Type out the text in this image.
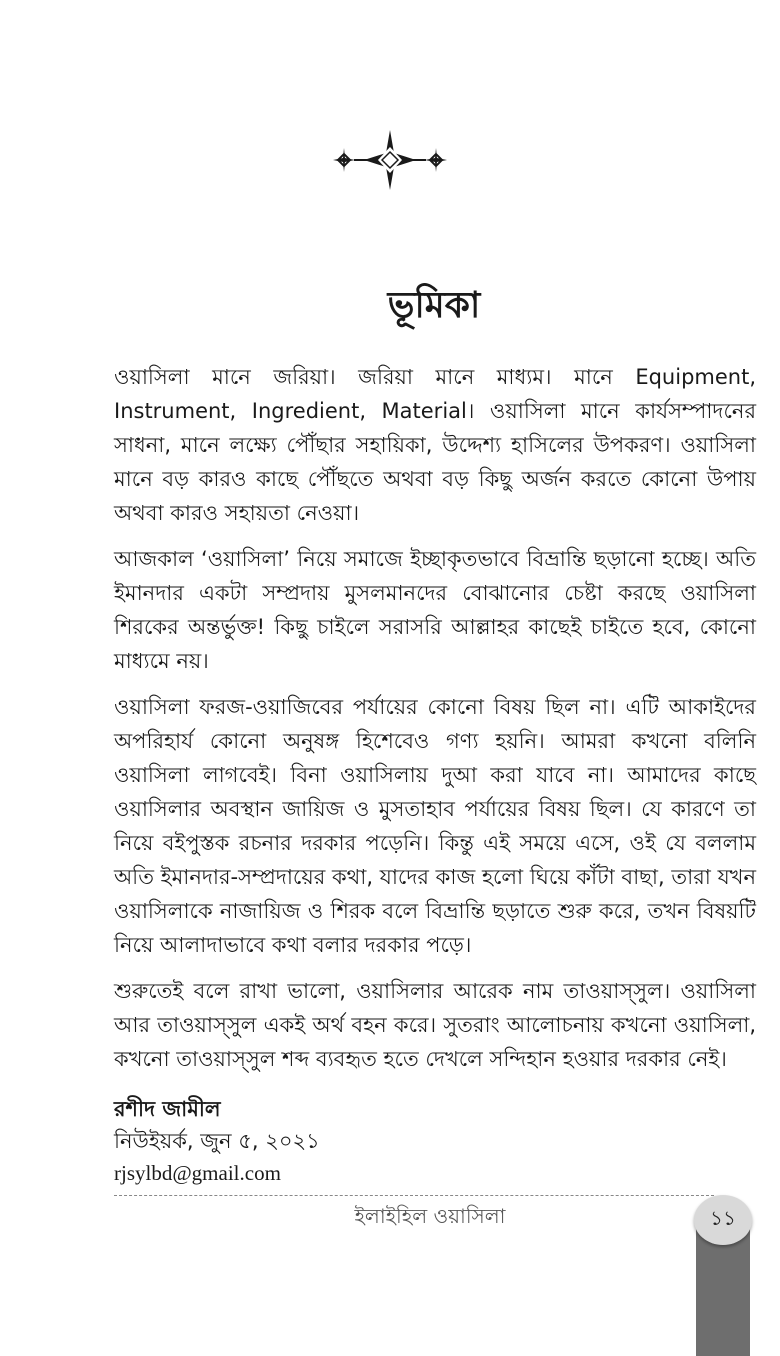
ভূমিকা

ওয়াসিলা মানে জরিয়া। জরিয়া মানে মাধ্যম। মানে Equipment, Instrument, Ingredient, Material। ওয়াসিলা মানে কার্যসম্পাদনের সাধনা, মানে লক্ষ্যে পৌঁছার সহায়িকা, উদ্দেশ্য হাসিলের উপকরণ। ওয়াসিলা মানে বড় কারও কাছে পৌঁছতে অথবা বড় কিছু অর্জন করতে কোনো উপায় অথবা কারও সহায়তা নেওয়া।

আজকাল ‘ওয়াসিলা’ নিয়ে সমাজে ইচ্ছাকৃতভাবে বিভ্রান্তি ছড়ানো হচ্ছে। অতি ইমানদার একটা সম্প্রদায় মুসলমানদের বোঝানোর চেষ্টা করছে ওয়াসিলা শিরকের অন্তর্ভুক্ত! কিছু চাইলে সরাসরি আল্লাহর কাছেই চাইতে হবে, কোনো মাধ্যমে নয়।

ওয়াসিলা ফরজ-ওয়াজিবের পর্যায়ের কোনো বিষয় ছিল না। এটি আকাইদের অপরিহার্য কোনো অনুষঙ্গ হিশেবেও গণ্য হয়নি। আমরা কখনো বলিনি ওয়াসিলা লাগবেই। বিনা ওয়াসিলায় দুআ করা যাবে না। আমাদের কাছে ওয়াসিলার অবস্থান জায়িজ ও মুসতাহাব পর্যায়ের বিষয় ছিল। যে কারণে তা নিয়ে বইপুস্তক রচনার দরকার পড়েনি। কিন্তু এই সময়ে এসে, ওই যে বললাম অতি ইমানদার-সম্প্রদায়ের কথা, যাদের কাজ হলো ঘিয়ে কাঁটা বাছা, তারা যখন ওয়াসিলাকে নাজায়িজ ও শিরক বলে বিভ্রান্তি ছড়াতে শুরু করে, তখন বিষয়টি নিয়ে আলাদাভাবে কথা বলার দরকার পড়ে।

শুরুতেই বলে রাখা ভালো, ওয়াসিলার আরেক নাম তাওয়াস্সুল। ওয়াসিলা আর তাওয়াস্সুল একই অর্থ বহন করে। সুতরাং আলোচনায় কখনো ওয়াসিলা, কখনো তাওয়াস্সুল শব্দ ব্যবহৃত হতে দেখলে সন্দিহান হওয়ার দরকার নেই।

রশীদ জামীল
নিউইয়র্ক, জুন ৫, ২০২১
rjsylbd@gmail.com
ইলাইহিল ওয়াসিলা	১১
